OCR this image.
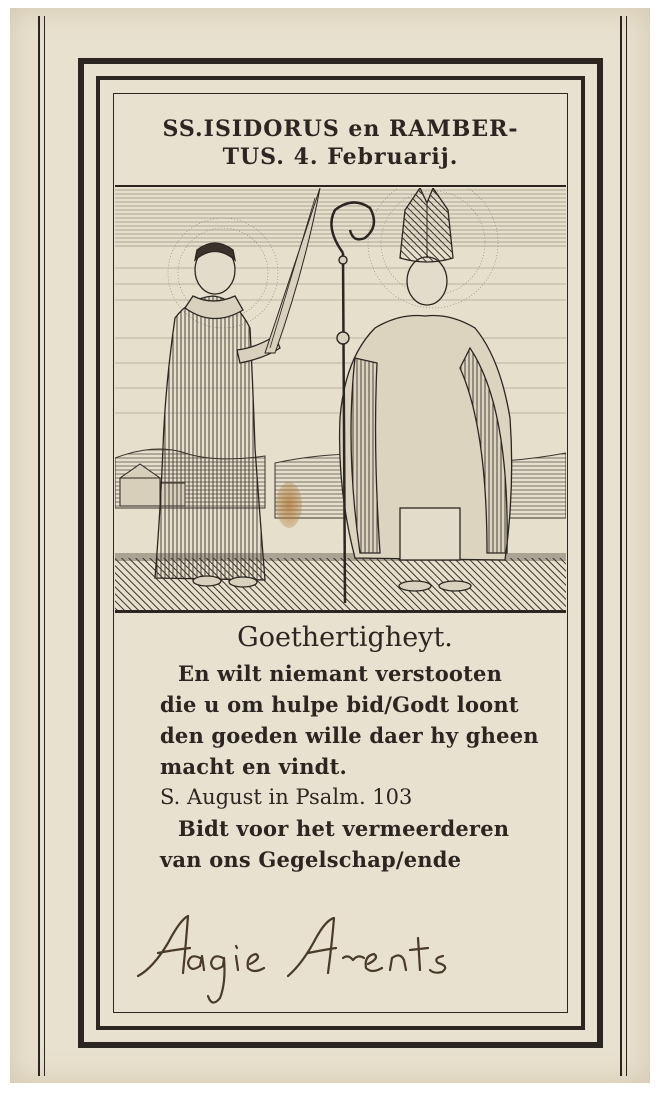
SS.ISIDORUS en RAMBER-
TUS. 4. Februarij.
Goethertigheyt.
En wilt niemant verstooten
die u om hulpe bid/Godt loont
den goeden wille daer hy gheen
macht en vindt.
S. August in Psalm. 103
Bidt voor het vermeerderen
van ons Gegelschap/ende
